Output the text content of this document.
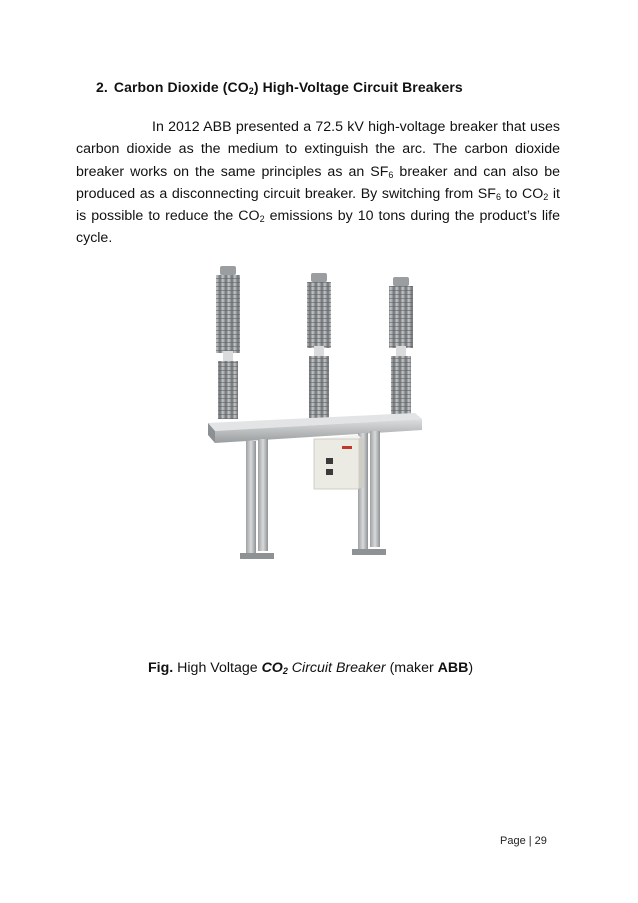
2. Carbon Dioxide $(CO_2)$ High-Voltage Circuit Breakers
In 2012 ABB presented a 72.5 kV high-voltage breaker that uses carbon dioxide as the medium to extinguish the arc. The carbon dioxide breaker works on the same principles as an $SF_6$ breaker and can also be produced as a disconnecting circuit breaker. By switching from $SF_6$ to $CO_2$ it is possible to reduce the $CO_2$ emissions by 10 tons during the product’s life cycle.
Fig. High Voltage $CO_2$ Circuit Breaker (maker ABB)
Page | 29
